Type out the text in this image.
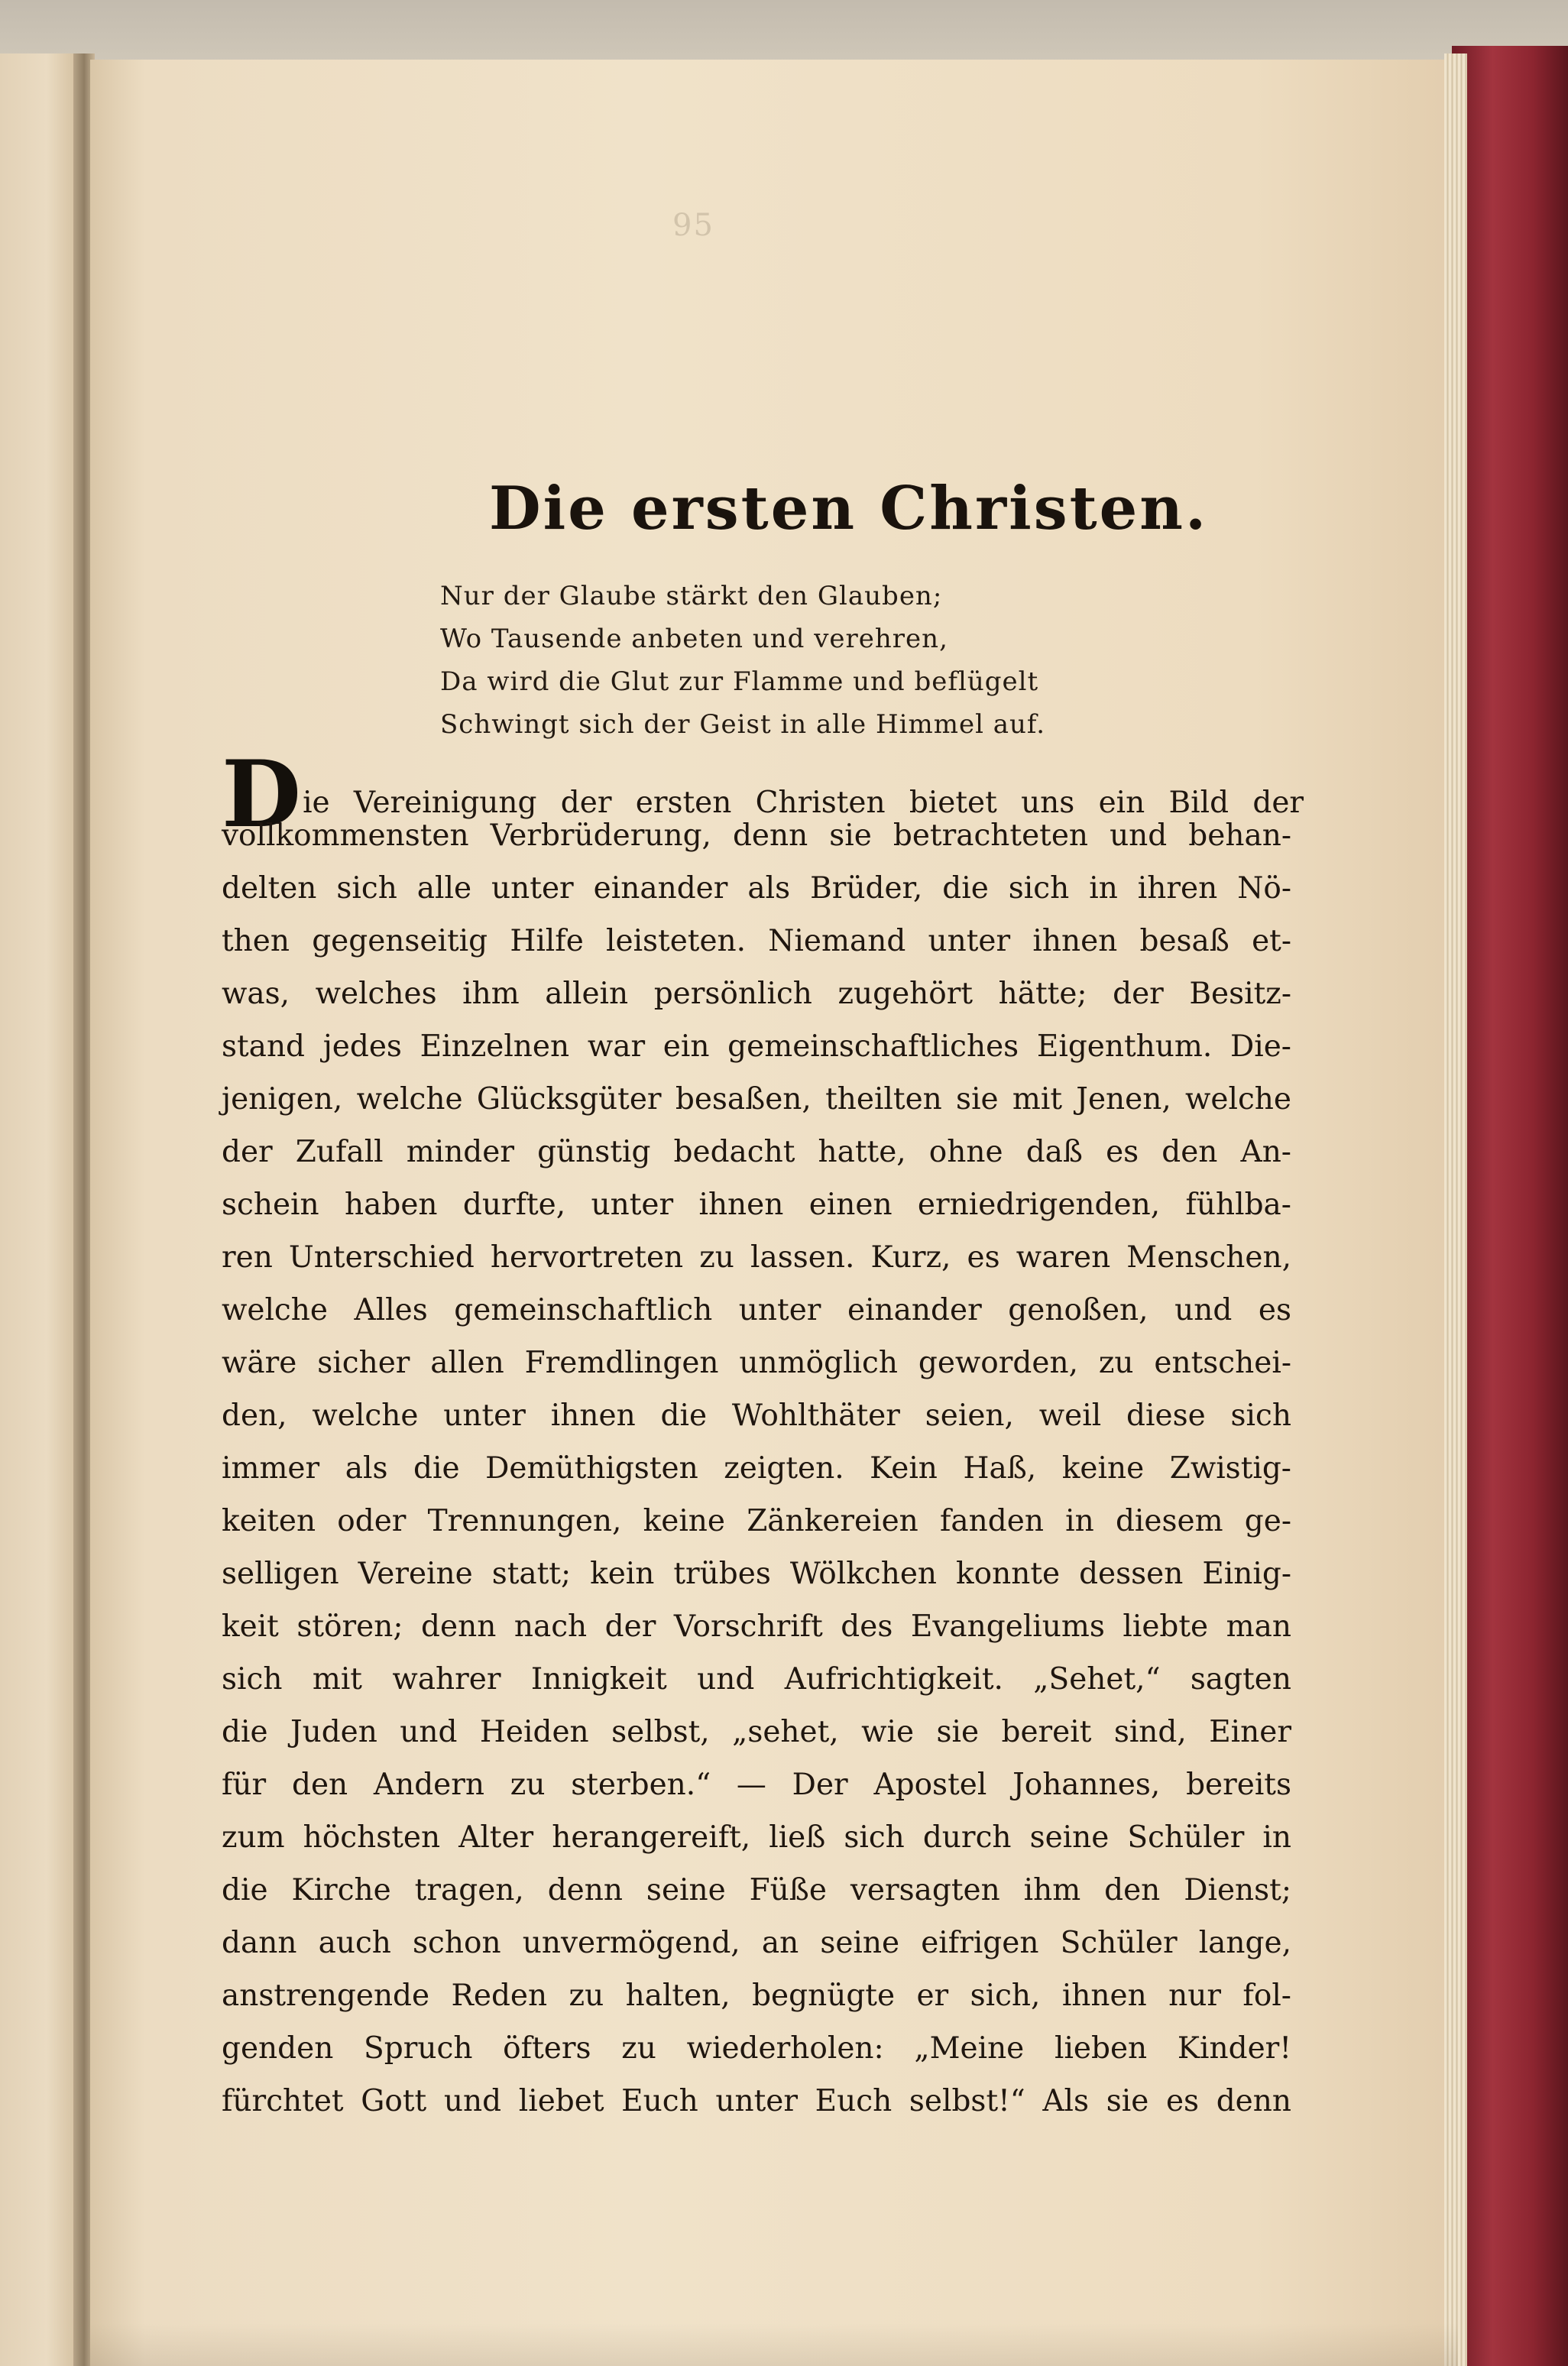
95
Die ersten Christen.
Nur der Glaube stärkt den Glauben;
Wo Tausende anbeten und verehren,
Da wird die Glut zur Flamme und beflügelt
Schwingt sich der Geist in alle Himmel auf.
Die Vereinigung der ersten Christen bietet uns ein Bild der
vollkommensten Verbrüderung, denn sie betrachteten und behan-
delten sich alle unter einander als Brüder, die sich in ihren Nö-
then gegenseitig Hilfe leisteten. Niemand unter ihnen besaß et-
was, welches ihm allein persönlich zugehört hätte; der Besitz-
stand jedes Einzelnen war ein gemeinschaftliches Eigenthum. Die-
jenigen, welche Glücksgüter besaßen, theilten sie mit Jenen, welche
der Zufall minder günstig bedacht hatte, ohne daß es den An-
schein haben durfte, unter ihnen einen erniedrigenden, fühlba-
ren Unterschied hervortreten zu lassen. Kurz, es waren Menschen,
welche Alles gemeinschaftlich unter einander genoßen, und es
wäre sicher allen Fremdlingen unmöglich geworden, zu entschei-
den, welche unter ihnen die Wohlthäter seien, weil diese sich
immer als die Demüthigsten zeigten. Kein Haß, keine Zwistig-
keiten oder Trennungen, keine Zänkereien fanden in diesem ge-
selligen Vereine statt; kein trübes Wölkchen konnte dessen Einig-
keit stören; denn nach der Vorschrift des Evangeliums liebte man
sich mit wahrer Innigkeit und Aufrichtigkeit. „Sehet,“ sagten
die Juden und Heiden selbst, „sehet, wie sie bereit sind, Einer
für den Andern zu sterben.“ — Der Apostel Johannes, bereits
zum höchsten Alter herangereift, ließ sich durch seine Schüler in
die Kirche tragen, denn seine Füße versagten ihm den Dienst;
dann auch schon unvermögend, an seine eifrigen Schüler lange,
anstrengende Reden zu halten, begnügte er sich, ihnen nur fol-
genden Spruch öfters zu wiederholen: „Meine lieben Kinder!
fürchtet Gott und liebet Euch unter Euch selbst!“ Als sie es denn
